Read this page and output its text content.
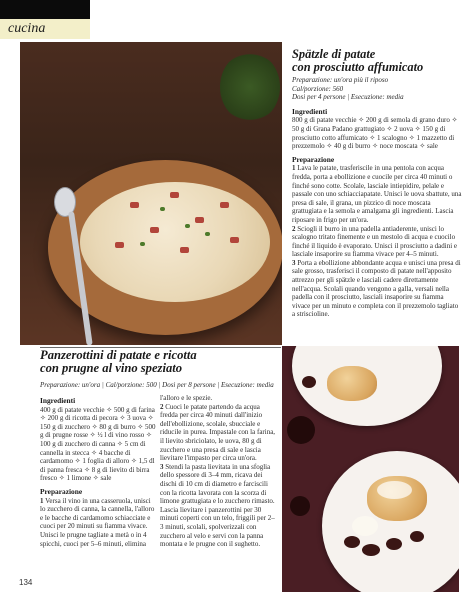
cucina
Spätzle di patate
con prosciutto affumicato
Preparazione: un'ora più il riposo
Cal/porzione: 560
Dosi per 4 persone | Esecuzione: media
Ingredienti

800 g di patate vecchie ✧ 200 g di semola di grano duro ✧ 50 g di Grana Padano grattugiato ✧ 2 uova ✧ 150 g di prosciutto cotto affumicato ✧ 1 scalogno ✧ 1 mazzetto di prezzemolo ✧ 40 g di burro ✧ noce moscata ✧ sale

Preparazione

1 Lava le patate, trasferiscile in una pentola con acqua fredda, porta a ebollizione e cuocile per circa 40 minuti o finché sono cotte. Scolale, lasciale intiepidire, pelale e passale con uno schiacciapatate. Unisci le uova sbattute, una presa di sale, il grana, un pizzico di noce moscata grattugiata e la semola e amalgama gli ingredienti. Lascia riposare in frigo per un'ora.

2 Sciogli il burro in una padella antiaderente, unisci lo scalogno tritato finemente e un mestolo di acqua e cuocilo finché il liquido è evaporato. Unisci il prosciutto a dadini e lasciale insaporire su fiamma vivace per 4–5 minuti.

3 Porta a ebollizione abbondante acqua e unisci una presa di sale grosso, trasferisci il composto di patate nell'apposito attrezzo per gli spätzle e lasciali cadere direttamente nell'acqua. Scolali quando vengono a galla, versali nella padella con il prosciutto, lasciali insaporire su fiamma vivace per un minuto e completa con il prezzemolo tagliato a striscioline.

Panzerottini di patate e ricotta
con prugne al vino speziato
Preparazione: un'ora | Cal/porzione: 500 | Dosi per 8 persone | Esecuzione: media
Ingredienti

400 g di patate vecchie ✧ 500 g di farina ✧ 200 g di ricotta di pecora ✧ 3 uova ✧ 150 g di zucchero ✧ 80 g di burro ✧ 500 g di prugne rosse ✧ ½ l di vino rosso ✧ 100 g di zucchero di canna ✧ 5 cm di cannella in stecca ✧ 4 bacche di cardamomo ✧ 1 foglia di alloro ✧ 1,5 dl di panna fresca ✧ 8 g di lievito di birra fresco ✧ 1 limone ✧ sale

Preparazione

1 Versa il vino in una casseruola, unisci lo zucchero di canna, la cannella, l'alloro e le bacche di cardamomo schiacciate e cuoci per 20 minuti su fiamma vivace. Unisci le prugne tagliate a metà o in 4 spicchi, cuoci per 5–6 minuti, elimina

l'alloro e le spezie.

2 Cuoci le patate partendo da acqua fredda per circa 40 minuti dall'inizio dell'ebollizione, scolale, sbucciale e riducile in purea. Impastale con la farina, il lievito sbriciolato, le uova, 80 g di zucchero e una presa di sale e lascia lievitare l'impasto per circa un'ora.

3 Stendi la pasta lievitata in una sfoglia dello spessore di 3–4 mm, ricava dei dischi di 10 cm di diametro e farciscili con la ricotta lavorata con la scorza di limone grattugiata e lo zucchero rimasto. Lascia lievitare i panzerottini per 30 minuti coperti con un telo, friggili per 2–3 minuti, scolali, spolverizzali con zucchero al velo e servi con la panna montata e le prugne con il sughetto.

134
